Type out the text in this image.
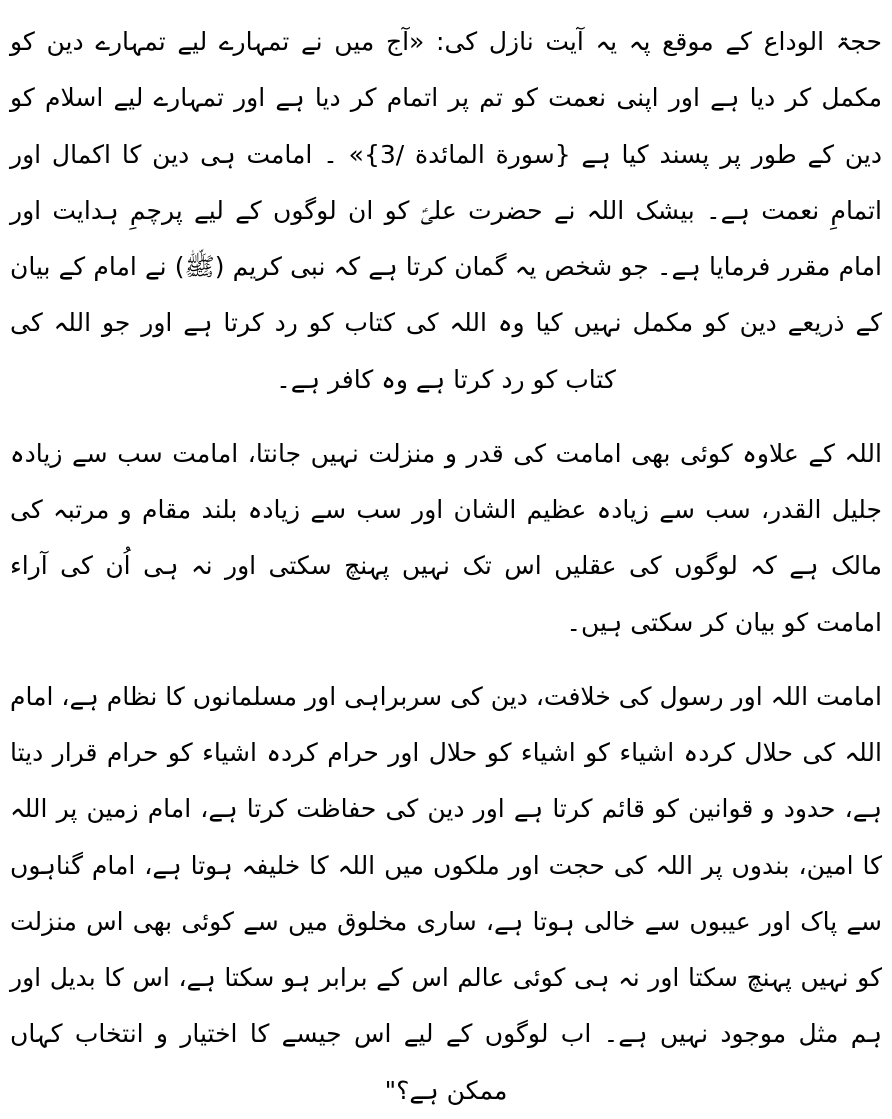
حجۃ الوداع کے موقع پہ یہ آیت نازل کی: «آج میں نے تمہارے لیے تمہارے دین کو مکمل کر دیا ہے اور اپنی نعمت کو تم پر اتمام کر دیا ہے اور تمہارے لیے اسلام کو دین کے طور پر پسند کیا ہے {سورة المائدة /3}» ۔ امامت ہی دین کا اکمال اور اتمامِ نعمت ہے۔ بیشک اللہ نے حضرت علیؑ کو ان لوگوں کے لیے پرچمِ ہدایت اور امام مقرر فرمایا ہے۔ جو شخص یہ گمان کرتا ہے کہ نبی کریم (ﷺ) نے امام کے بیان کے ذریعے دین کو مکمل نہیں کیا وہ اللہ کی کتاب کو رد کرتا ہے اور جو اللہ کی کتاب کو رد کرتا ہے وہ کافر ہے۔

اللہ کے علاوہ کوئی بھی امامت کی قدر و منزلت نہیں جانتا، امامت سب سے زیادہ جلیل القدر، سب سے زیادہ عظیم الشان اور سب سے زیادہ بلند مقام و مرتبہ کی مالک ہے کہ لوگوں کی عقلیں اس تک نہیں پہنچ سکتی اور نہ ہی اُن کی آراء امامت کو بیان کر سکتی ہیں۔

امامت اللہ اور رسول کی خلافت، دین کی سربراہی اور مسلمانوں کا نظام ہے، امام اللہ کی حلال کردہ اشیاء کو اشیاء کو حلال اور حرام کردہ اشیاء کو حرام قرار دیتا ہے، حدود و قوانین کو قائم کرتا ہے اور دین کی حفاظت کرتا ہے، امام زمین پر اللہ کا امین، بندوں پر اللہ کی حجت اور ملکوں میں اللہ کا خلیفہ ہوتا ہے، امام گناہوں سے پاک اور عیبوں سے خالی ہوتا ہے، ساری مخلوق میں سے کوئی بھی اس منزلت کو نہیں پہنچ سکتا اور نہ ہی کوئی عالم اس کے برابر ہو سکتا ہے، اس کا بدیل اور ہم مثل موجود نہیں ہے۔ اب لوگوں کے لیے اس جیسے کا اختیار و انتخاب کہاں ممکن ہے؟"
